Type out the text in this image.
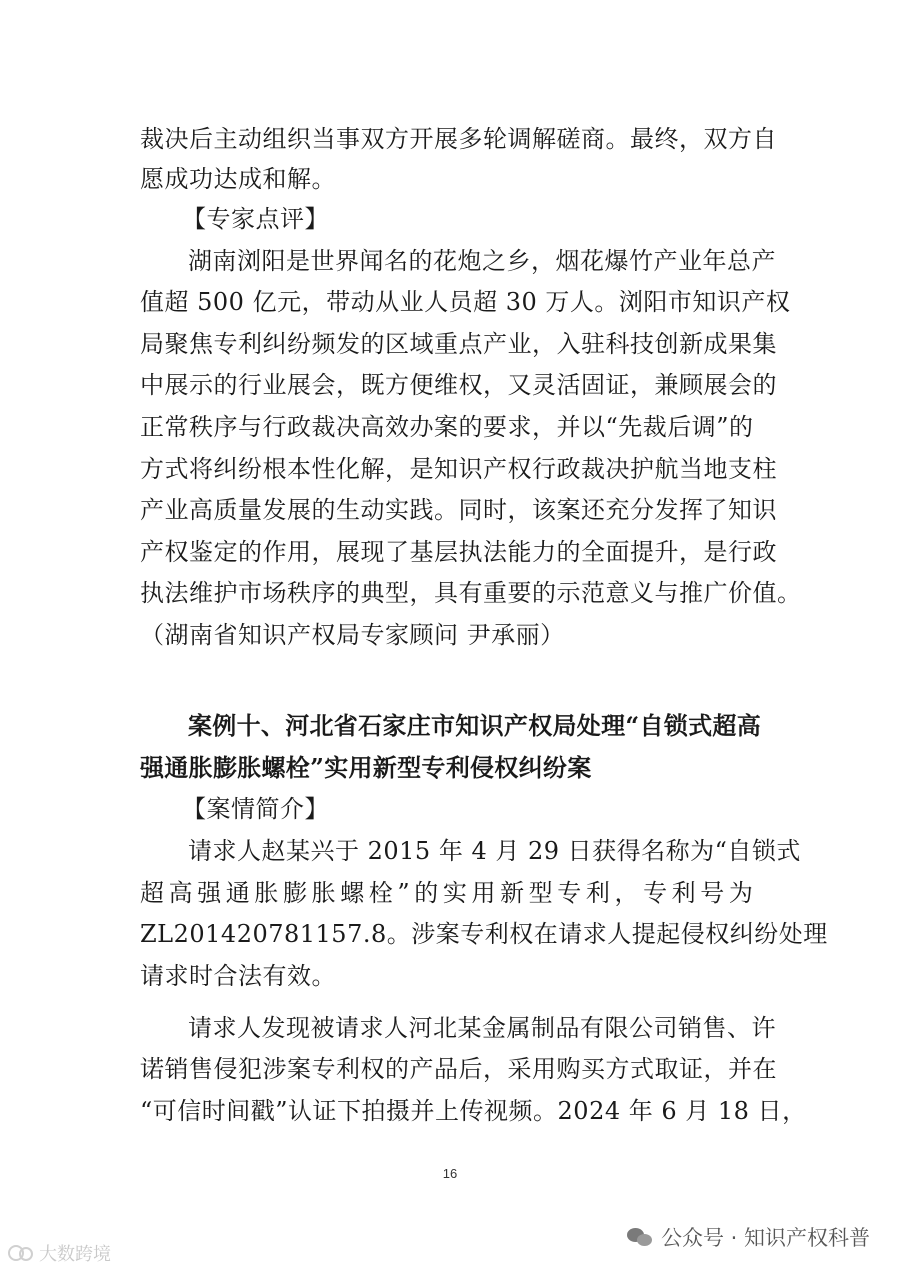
裁决后主动组织当事双方开展多轮调解磋商。最终，双方自
愿成功达成和解。
【专家点评】
湖南浏阳是世界闻名的花炮之乡，烟花爆竹产业年总产
值超 500 亿元，带动从业人员超 30 万人。浏阳市知识产权
局聚焦专利纠纷频发的区域重点产业，入驻科技创新成果集
中展示的行业展会，既方便维权，又灵活固证，兼顾展会的
正常秩序与行政裁决高效办案的要求，并以“先裁后调”的
方式将纠纷根本性化解，是知识产权行政裁决护航当地支柱
产业高质量发展的生动实践。同时，该案还充分发挥了知识
产权鉴定的作用，展现了基层执法能力的全面提升，是行政
执法维护市场秩序的典型，具有重要的示范意义与推广价值。
（湖南省知识产权局专家顾问 尹承丽）
案例十、河北省石家庄市知识产权局处理“自锁式超高
强通胀膨胀螺栓”实用新型专利侵权纠纷案
【案情简介】
请求人赵某兴于 2015 年 4 月 29 日获得名称为“自锁式
超高强通胀膨胀螺栓”的实用新型专利，专利号为
ZL201420781157.8。涉案专利权在请求人提起侵权纠纷处理
请求时合法有效。
请求人发现被请求人河北某金属制品有限公司销售、许
诺销售侵犯涉案专利权的产品后，采用购买方式取证，并在
“可信时间戳”认证下拍摄并上传视频。2024 年 6 月 18 日，
16
公众号 · 知识产权科普
大数跨境
